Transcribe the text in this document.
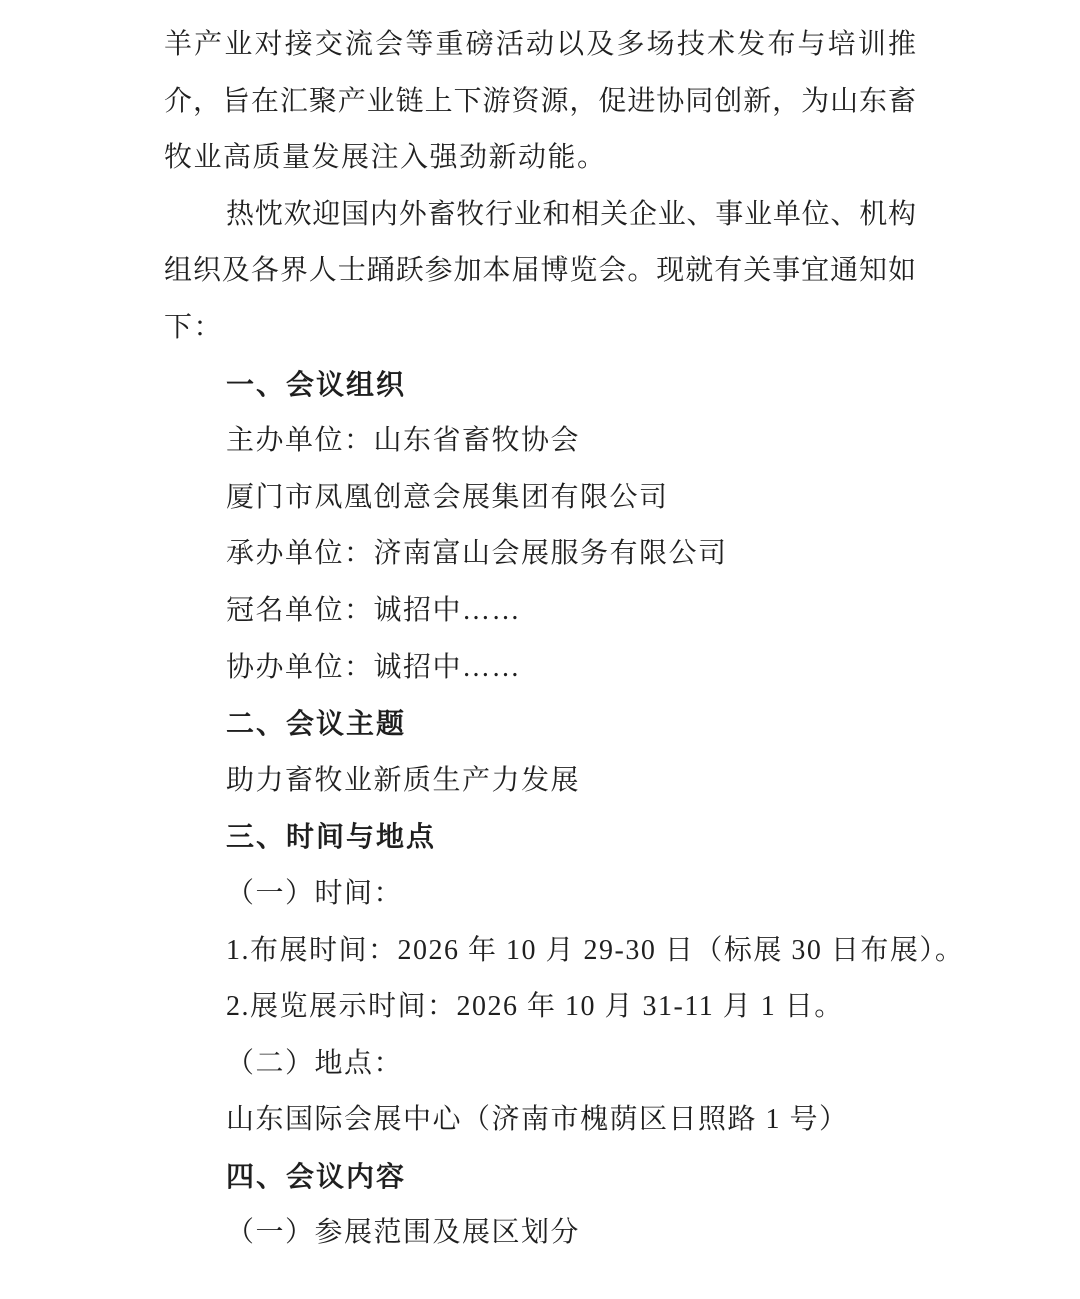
羊产业对接交流会等重磅活动以及多场技术发布与培训推
介，旨在汇聚产业链上下游资源，促进协同创新，为山东畜
牧业高质量发展注入强劲新动能。
热忱欢迎国内外畜牧行业和相关企业、事业单位、机构
组织及各界人士踊跃参加本届博览会。现就有关事宜通知如
下：
一、会议组织
主办单位：山东省畜牧协会
厦门市凤凰创意会展集团有限公司
承办单位：济南富山会展服务有限公司
冠名单位：诚招中……
协办单位：诚招中……
二、会议主题
助力畜牧业新质生产力发展
三、时间与地点
（一）时间：
1.布展时间：2026 年 10 月 29-30 日（标展 30 日布展）。
2.展览展示时间：2026 年 10 月 31-11 月 1 日。
（二）地点：
山东国际会展中心（济南市槐荫区日照路 1 号）
四、会议内容
（一）参展范围及展区划分
